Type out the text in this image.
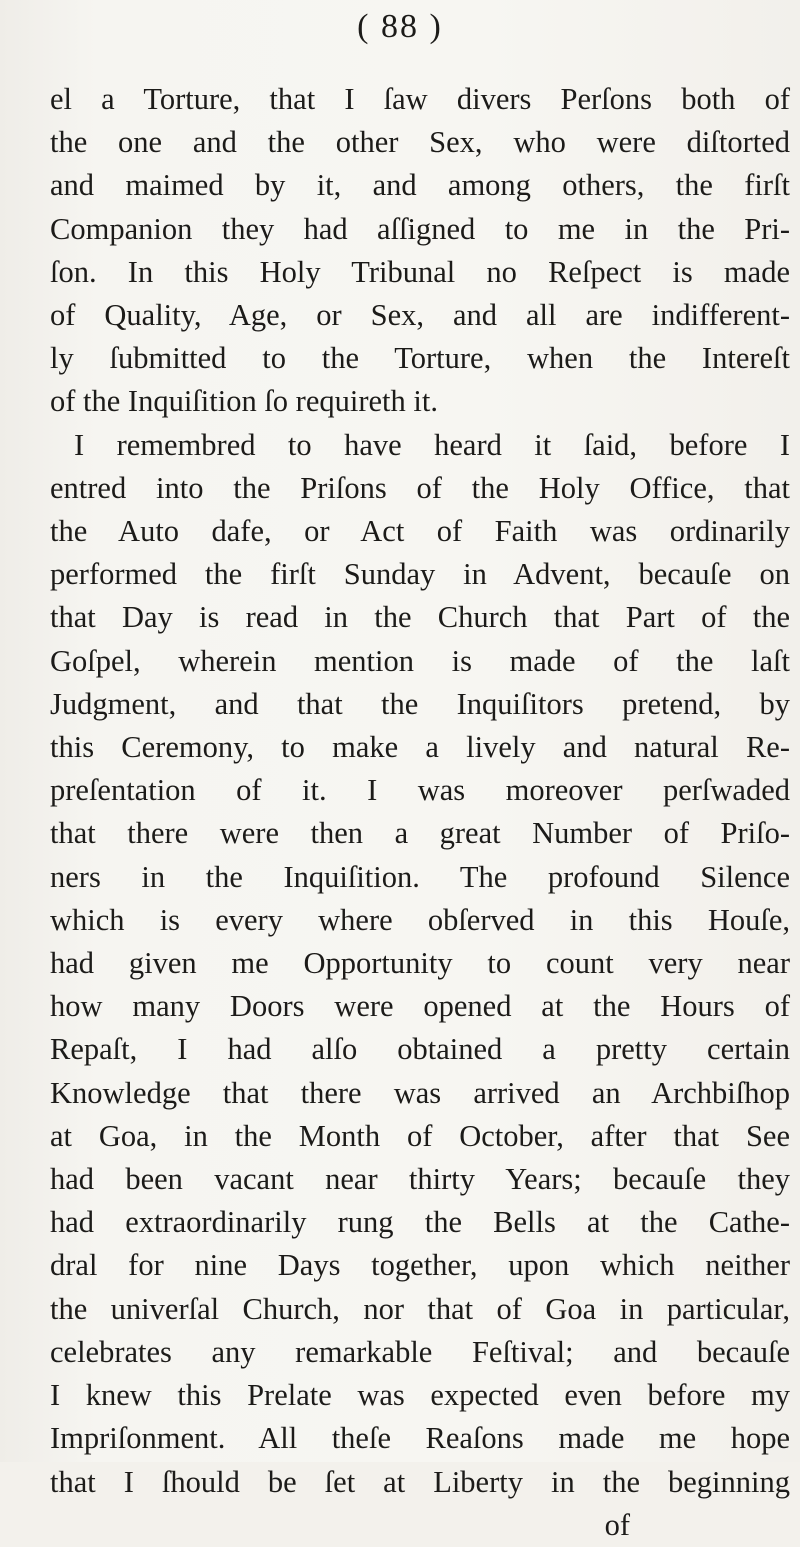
( 88 )
el a Torture, that I ſaw divers Perſons both of
the one and the other Sex, who were diſtorted
and maimed by it, and among others, the firſt
Companion they had aſſigned to me in the Pri-
ſon. In this Holy Tribunal no Reſpect is made
of Quality, Age, or Sex, and all are indifferent-
ly ſubmitted to the Torture, when the Intereſt
of the Inquiſition ſo requireth it.
I remembred to have heard it ſaid, before I
entred into the Priſons of the Holy Office, that
the Auto dafe, or Act of Faith was ordinarily
performed the firſt Sunday in Advent, becauſe on
that Day is read in the Church that Part of the
Goſpel, wherein mention is made of the laſt
Judgment, and that the Inquiſitors pretend, by
this Ceremony, to make a lively and natural Re-
preſentation of it. I was moreover perſwaded
that there were then a great Number of Priſo-
ners in the Inquiſition. The profound Silence
which is every where obſerved in this Houſe,
had given me Opportunity to count very near
how many Doors were opened at the Hours of
Repaſt, I had alſo obtained a pretty certain
Knowledge that there was arrived an Archbiſhop
at Goa, in the Month of October, after that See
had been vacant near thirty Years; becauſe they
had extraordinarily rung the Bells at the Cathe-
dral for nine Days together, upon which neither
the univerſal Church, nor that of Goa in particular,
celebrates any remarkable Feſtival; and becauſe
I knew this Prelate was expected even before my
Impriſonment. All theſe Reaſons made me hope
that I ſhould be ſet at Liberty in the beginning
of
